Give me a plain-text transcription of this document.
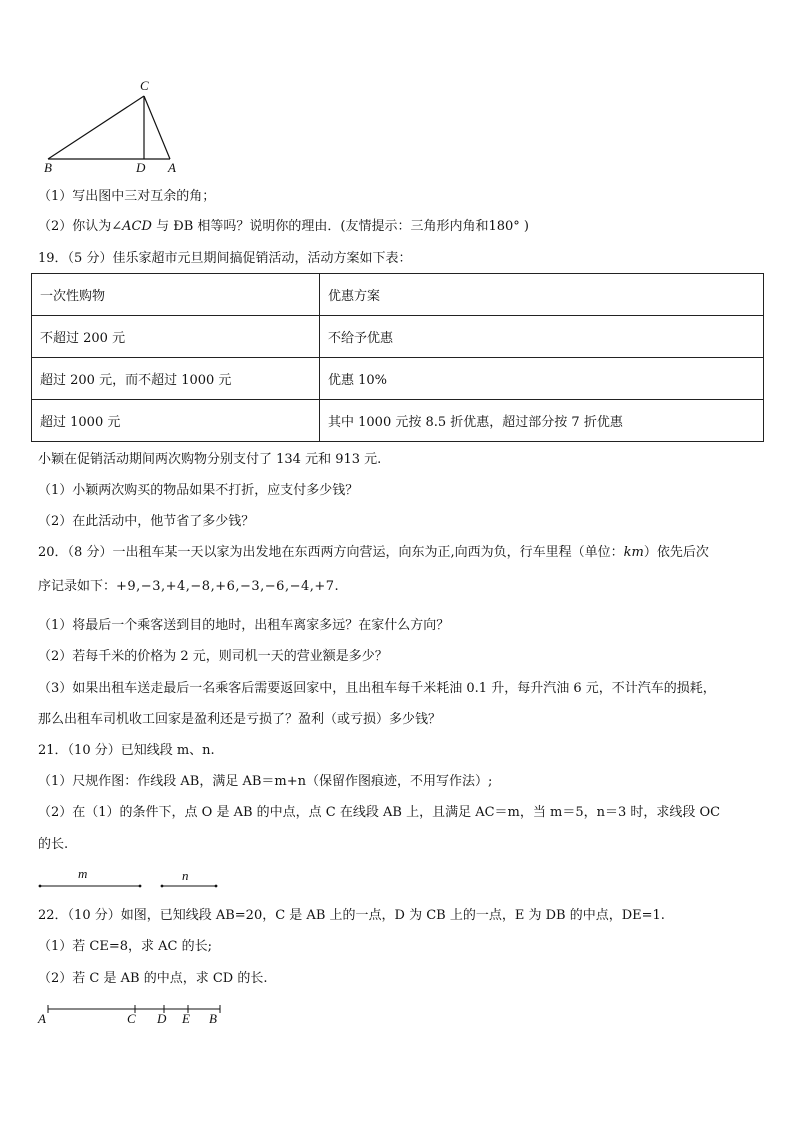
C
B	D A
（1）写出图中三对互余的角；
（2）你认为∠ACD 与 ÐB 相等吗？说明你的理由．(友情提示：三角形内角和180° )
19．（5 分）佳乐家超市元旦期间搞促销活动，活动方案如下表：
一次性购物	优惠方案
不超过 200 元	不给予优惠
超过 200 元，而不超过 1000 元	优惠 10%
超过 1000 元	其中 1000 元按 8.5 折优惠，超过部分按 7 折优惠
小颖在促销活动期间两次购物分别支付了 134 元和 913 元.
（1）小颖两次购买的物品如果不打折，应支付多少钱？
（2）在此活动中，他节省了多少钱？
20．（8 分）一出租车某一天以家为出发地在东西两方向营运，向东为正,向西为负，行车里程（单位：km）依先后次
序记录如下：+9,−3,+4,−8,+6,−3,−6,−4,+7.
（1）将最后一个乘客送到目的地时，出租车离家多远？在家什么方向？
（2）若每千米的价格为 2 元，则司机一天的营业额是多少？
（3）如果出租车送走最后一名乘客后需要返回家中，且出租车每千米耗油 0.1 升，每升汽油 6 元，不计汽车的损耗，
那么出租车司机收工回家是盈利还是亏损了？盈利（或亏损）多少钱？
21．（10 分）已知线段 m、n.
（1）尺规作图：作线段 AB，满足 AB＝m+n（保留作图痕迹，不用写作法）;
（2）在（1）的条件下，点 O 是 AB 的中点，点 C 在线段 AB 上，且满足 AC＝m，当 m＝5，n＝3 时，求线段 OC
的长.
m	n
22．（10 分）如图，已知线段 AB=20，C 是 AB 上的一点，D 为 CB 上的一点，E 为 DB 的中点，DE=1.
（1）若 CE=8，求 AC 的长;
（2）若 C 是 AB 的中点，求 CD 的长.
A	C D E B
